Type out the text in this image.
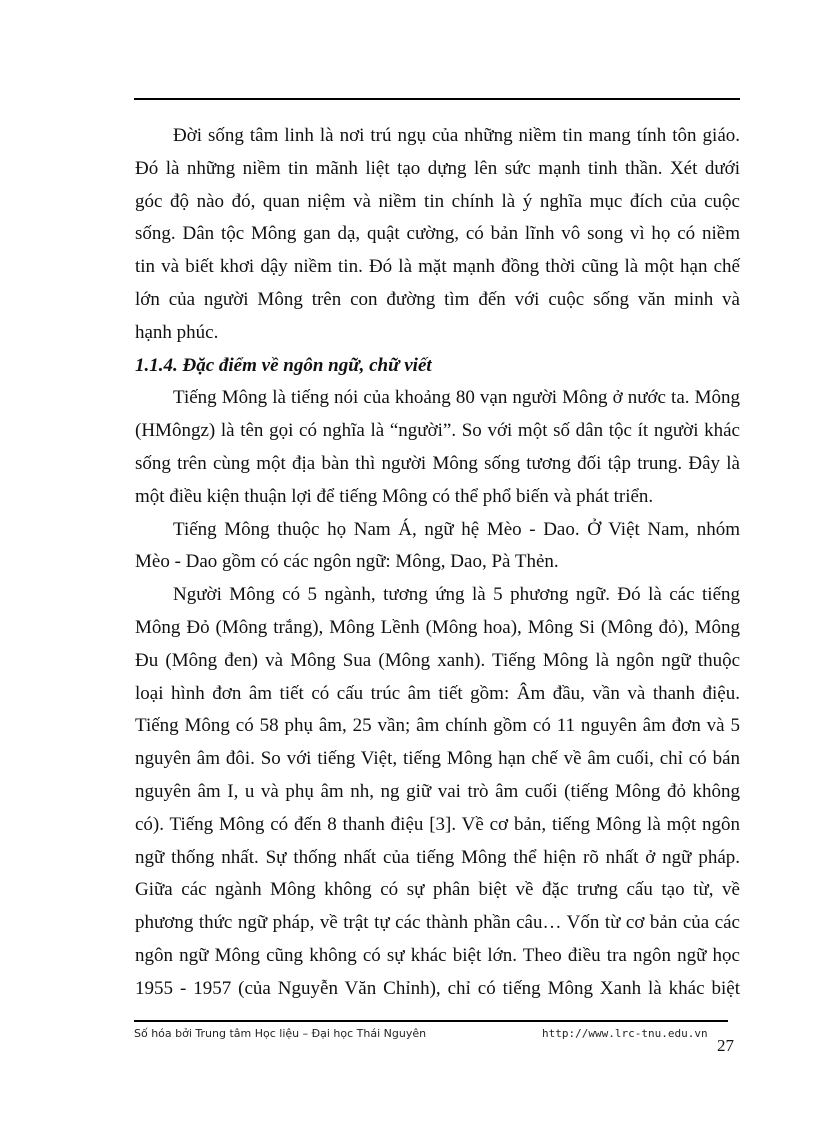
Đời sống tâm linh là nơi trú ngụ của những niềm tin mang tính tôn giáo.
Đó là những niềm tin mãnh liệt tạo dựng lên sức mạnh tinh thần. Xét dưới
góc độ nào đó, quan niệm và niềm tin chính là ý nghĩa mục đích của cuộc
sống. Dân tộc Mông gan dạ, quật cường, có bản lĩnh vô song vì họ có niềm
tin và biết khơi dậy niềm tin. Đó là mặt mạnh đồng thời cũng là một hạn chế
lớn của người Mông trên con đường tìm đến với cuộc sống văn minh và
hạnh phúc.
1.1.4. Đặc điểm về ngôn ngữ, chữ viết
Tiếng Mông là tiếng nói của khoảng 80 vạn người Mông ở nước ta. Mông
(HMôngz) là tên gọi có nghĩa là “người”. So với một số dân tộc ít người khác
sống trên cùng một địa bàn thì người Mông sống tương đối tập trung. Đây là
một điều kiện thuận lợi để tiếng Mông có thể phổ biến và phát triển.
Tiếng Mông thuộc họ Nam Á, ngữ hệ Mèo - Dao. Ở Việt Nam, nhóm
Mèo - Dao gồm có các ngôn ngữ: Mông, Dao, Pà Thẻn.
Người Mông có 5 ngành, tương ứng là 5 phương ngữ. Đó là các tiếng
Mông Đỏ (Mông trắng), Mông Lềnh (Mông hoa), Mông Si (Mông đỏ), Mông
Đu (Mông đen) và Mông Sua (Mông xanh). Tiếng Mông là ngôn ngữ thuộc
loại hình đơn âm tiết có cấu trúc âm tiết gồm: Âm đầu, vần và thanh điệu.
Tiếng Mông có 58 phụ âm, 25 vần; âm chính gồm có 11 nguyên âm đơn và 5
nguyên âm đôi. So với tiếng Việt, tiếng Mông hạn chế về âm cuối, chỉ có bán
nguyên âm I, u và phụ âm nh, ng giữ vai trò âm cuối (tiếng Mông đỏ không
có). Tiếng Mông có đến 8 thanh điệu [3]. Về cơ bản, tiếng Mông là một ngôn
ngữ thống nhất. Sự thống nhất của tiếng Mông thể hiện rõ nhất ở ngữ pháp.
Giữa các ngành Mông không có sự phân biệt về đặc trưng cấu tạo từ, về
phương thức ngữ pháp, về trật tự các thành phần câu… Vốn từ cơ bản của các
ngôn ngữ Mông cũng không có sự khác biệt lớn. Theo điều tra ngôn ngữ học
1955 - 1957 (của Nguyễn Văn Chỉnh), chỉ có tiếng Mông Xanh là khác biệt
Số hóa bởi Trung tâm Học liệu – Đại học Thái Nguyên	http://www.lrc-tnu.edu.vn
27
